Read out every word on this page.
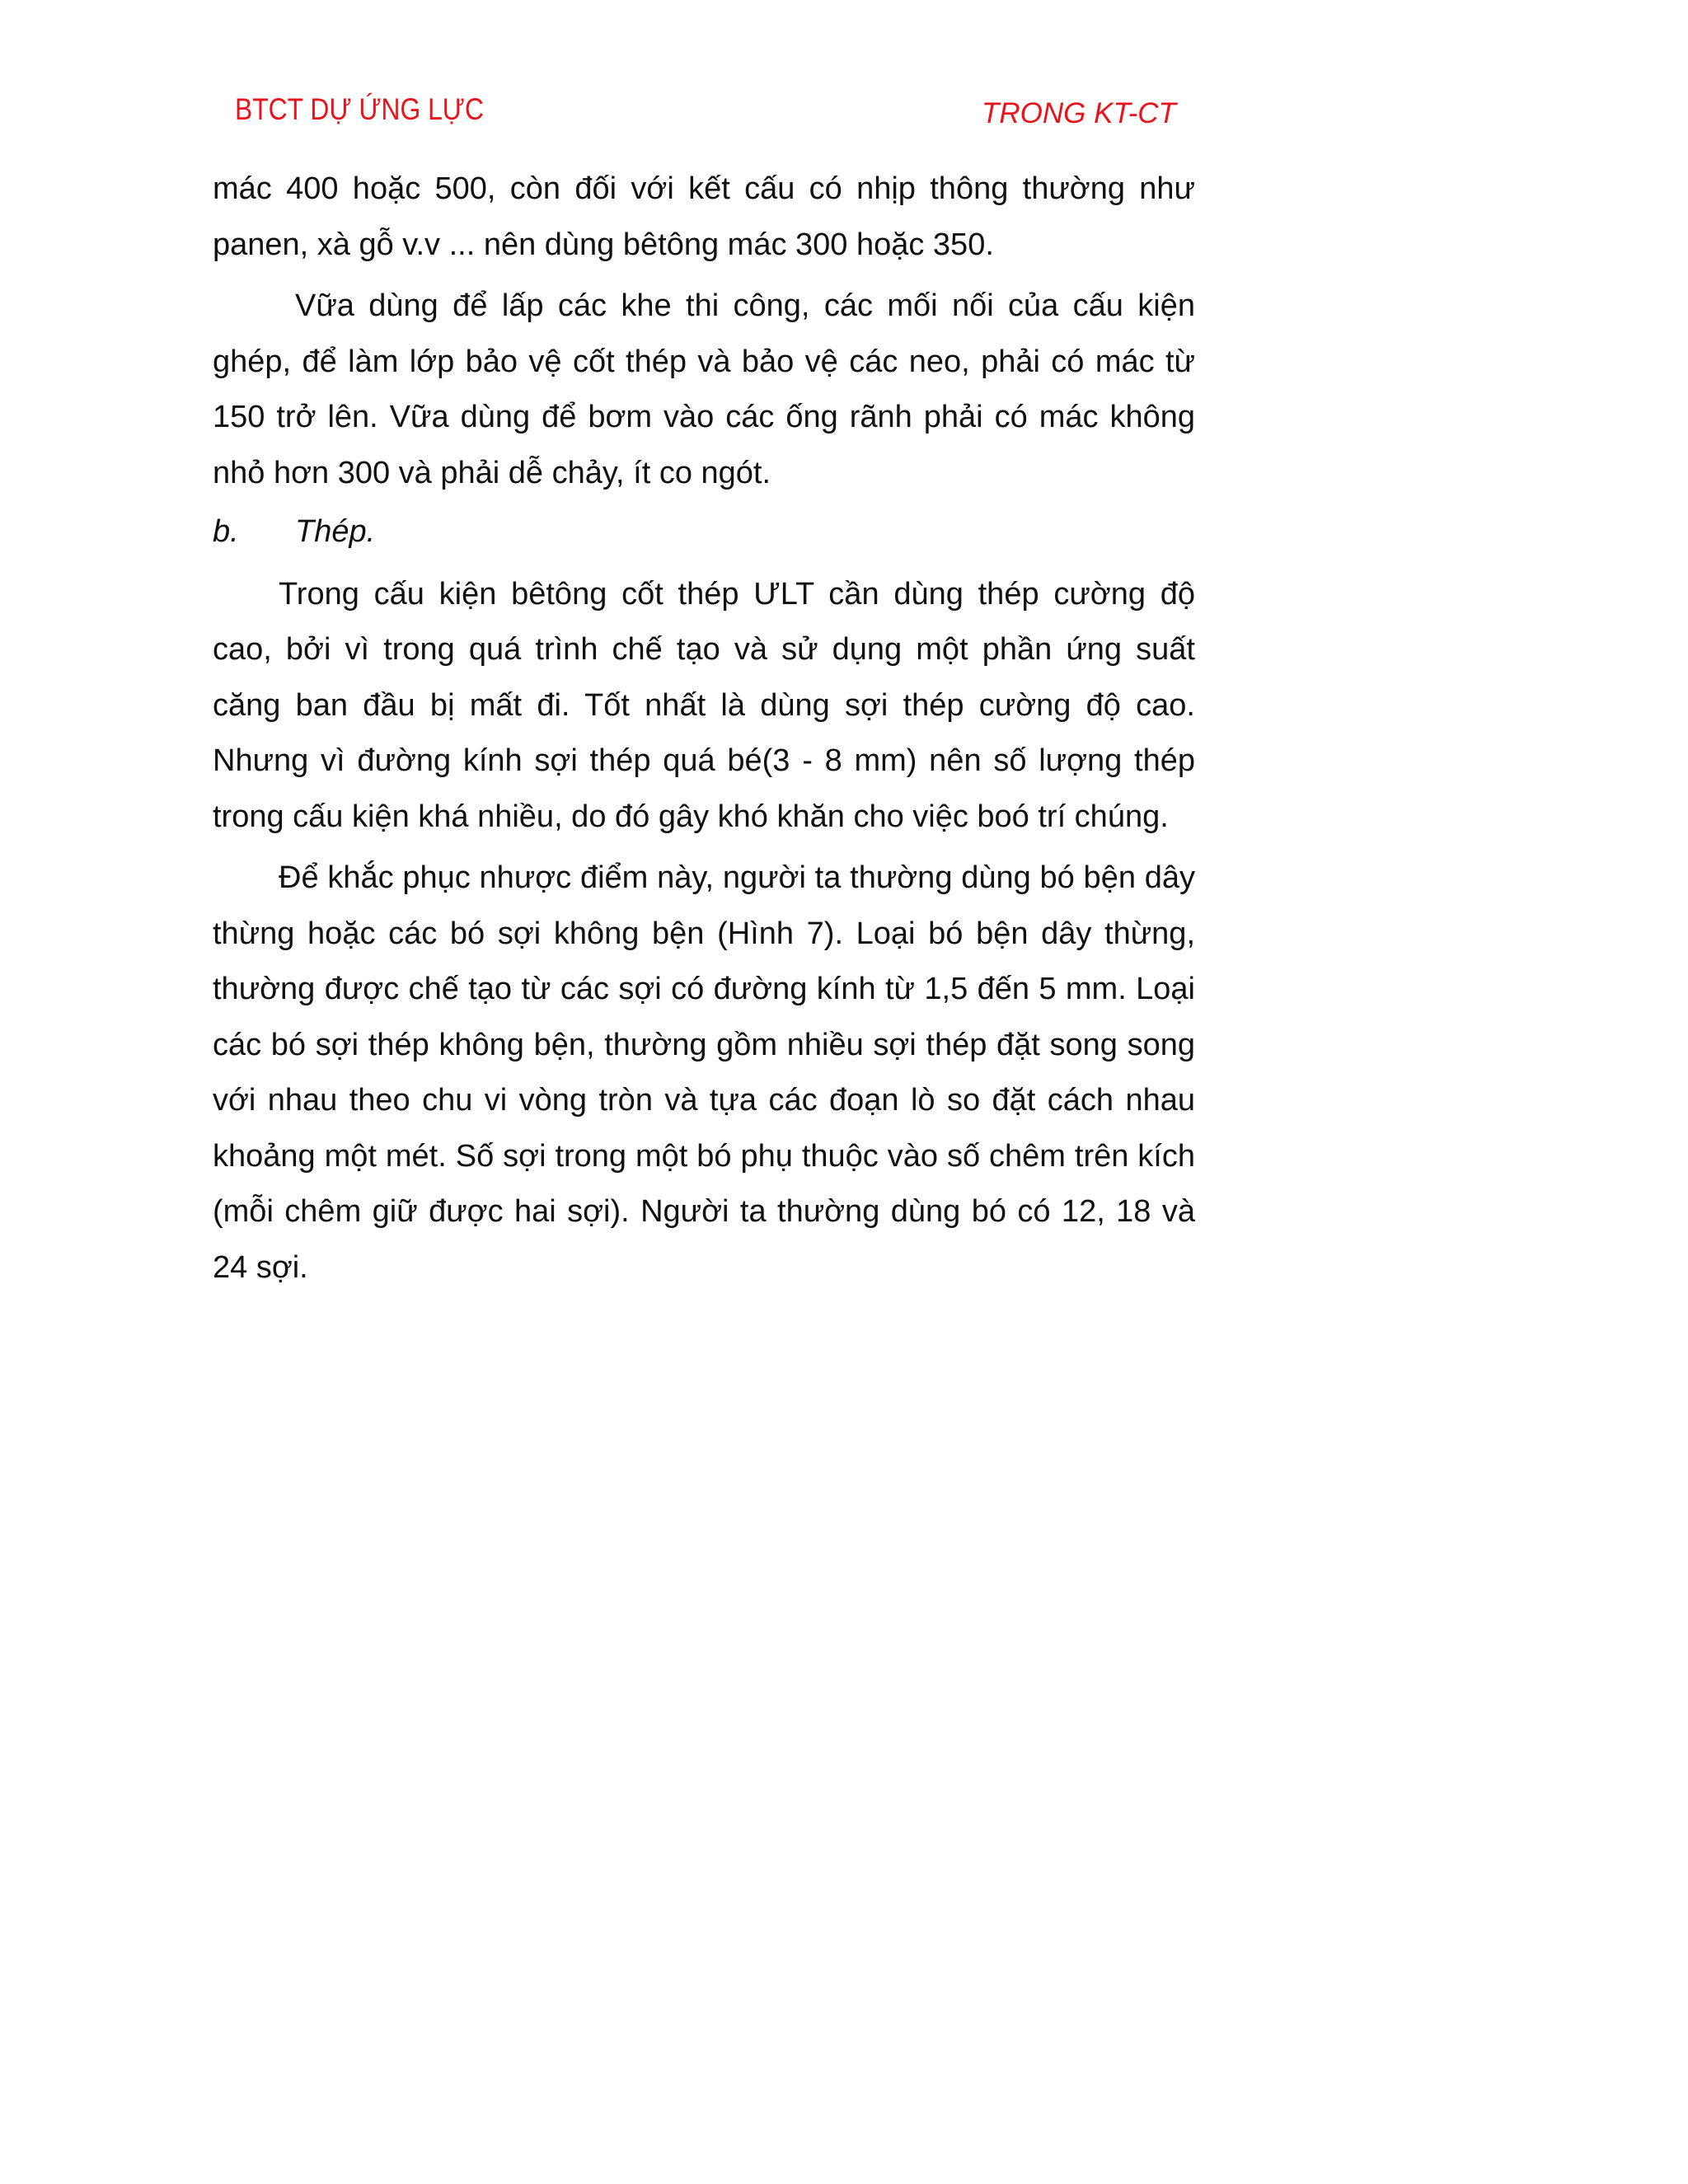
BTCT DỰ ỨNG LỰC	TRONG KT-CT

mác 400 hoặc 500, còn đối với kết cấu có nhịp thông thường như panen, xà gỗ v.v ... nên dùng bêtông mác 300 hoặc 350.

Vữa dùng để lấp các khe thi công, các mối nối của cấu kiện ghép, để làm lớp bảo vệ cốt thép và bảo vệ các neo, phải có mác từ 150 trở lên. Vữa dùng để bơm vào các ống rãnh phải có mác không nhỏ hơn 300 và phải dễ chảy, ít co ngót.

b.	Thép.

Trong cấu kiện bêtông cốt thép ƯLT cần dùng thép cường độ cao, bởi vì trong quá trình chế tạo và sử dụng một phần ứng suất căng ban đầu bị mất đi. Tốt nhất là dùng sợi thép cường độ cao. Nhưng vì đường kính sợi thép quá bé(3 - 8 mm) nên số lượng thép trong cấu kiện khá nhiều, do đó gây khó khăn cho việc boó trí chúng.

Để khắc phục nhược điểm này, người ta thường dùng bó bện dây thừng hoặc các bó sợi không bện (Hình 7). Loại bó bện dây thừng, thường được chế tạo từ các sợi có đường kính từ 1,5 đến 5 mm. Loại các bó sợi thép không bện, thường gồm nhiều sợi thép đặt song song với nhau theo chu vi vòng tròn và tựa các đoạn lò so đặt cách nhau khoảng một mét. Số sợi trong một bó phụ thuộc vào số chêm trên kích (mỗi chêm giữ được hai sợi). Người ta thường dùng bó có 12, 18 và 24 sợi.
